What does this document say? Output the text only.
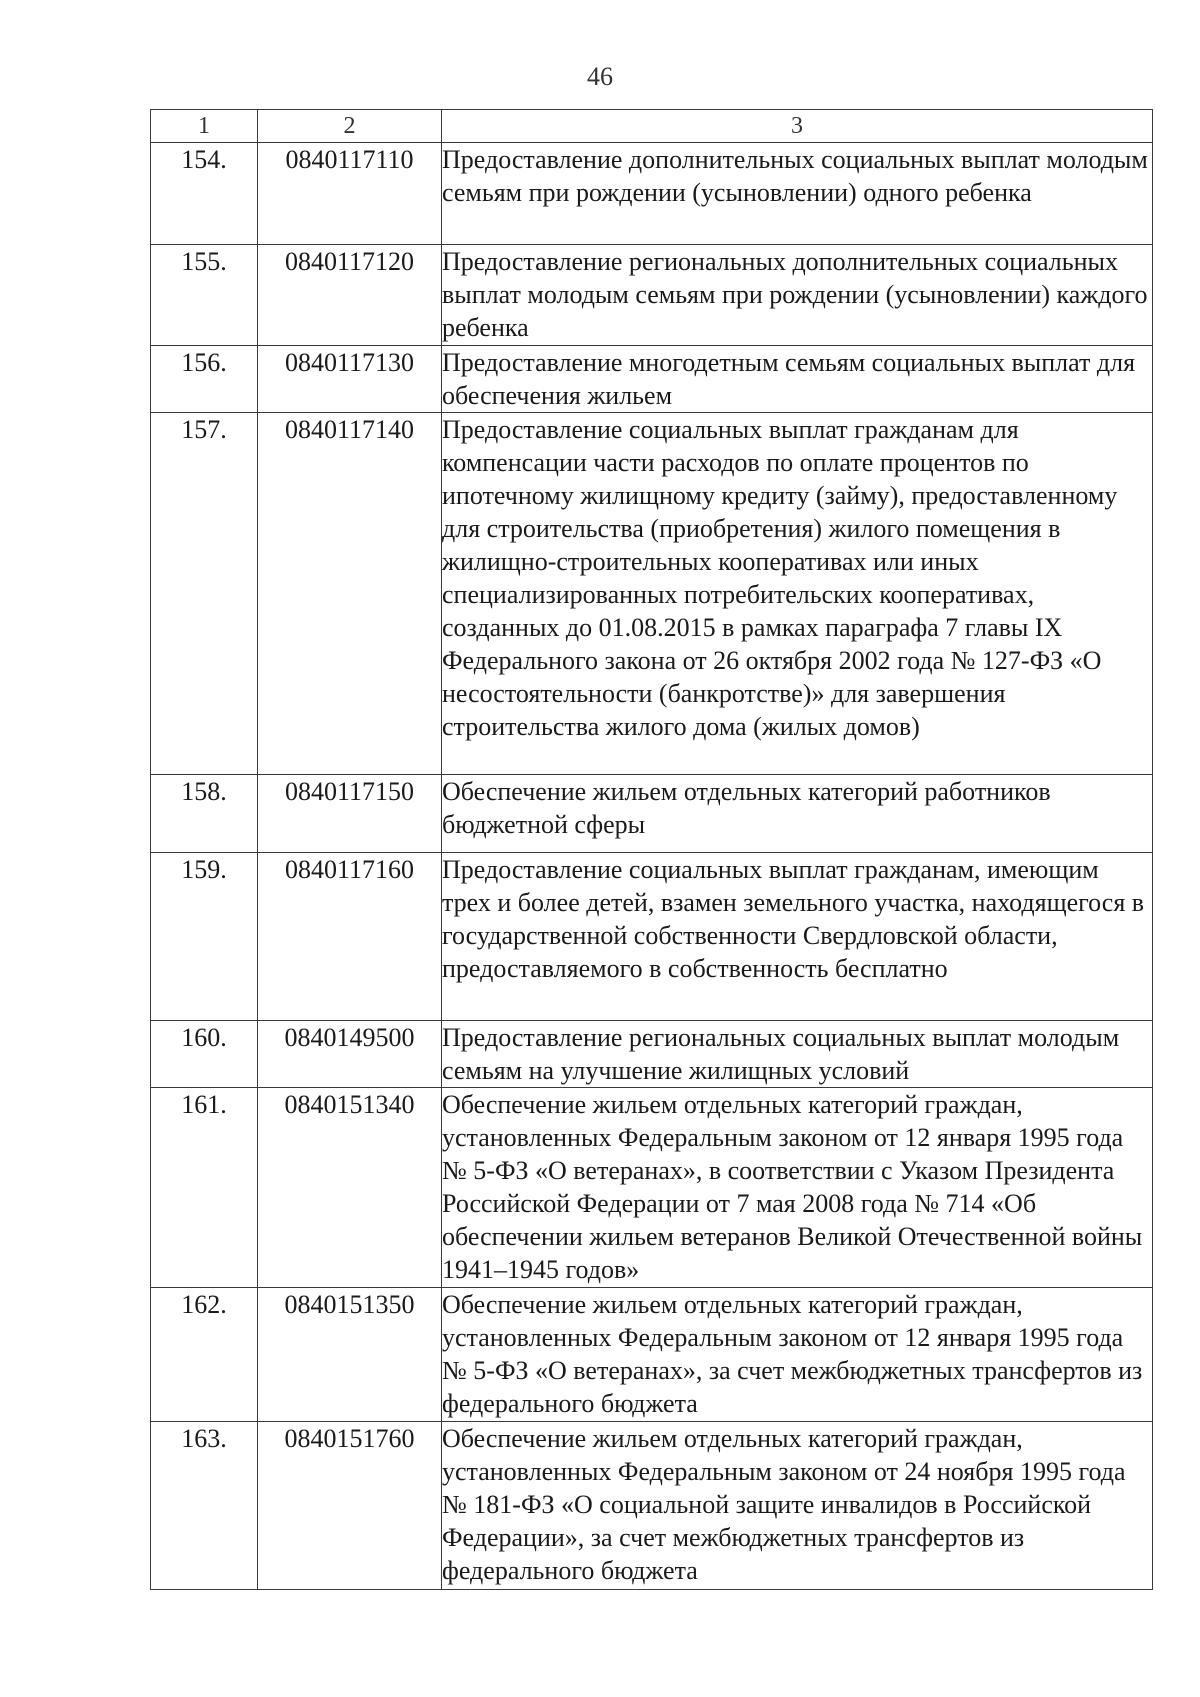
46
1	2	3
154.	0840117110	Предоставление дополнительных социальных выплат молодым семьям при рождении (усыновлении) одного ребенка
155.	0840117120	Предоставление региональных дополнительных социальных выплат молодым семьям при рождении (усыновлении) каждого ребенка
156.	0840117130	Предоставление многодетным семьям социальных выплат для обеспечения жильем
157.	0840117140	Предоставление социальных выплат гражданам для компенсации части расходов по оплате процентов по ипотечному жилищному кредиту (займу), предоставленному для строительства (приобретения) жилого помещения в жилищно-строительных кооперативах или иных специализированных потребительских кооперативах, созданных до 01.08.2015 в рамках параграфа 7 главы IX Федерального закона от 26 октября 2002 года № 127-ФЗ «О несостоятельности (банкротстве)» для завершения строительства жилого дома (жилых домов)
158.	0840117150	Обеспечение жильем отдельных категорий работников бюджетной сферы
159.	0840117160	Предоставление социальных выплат гражданам, имеющим трех и более детей, взамен земельного участка, находящегося в государственной собственности Свердловской области, предоставляемого в собственность бесплатно
160.	0840149500	Предоставление региональных социальных выплат молодым семьям на улучшение жилищных условий
161.	0840151340	Обеспечение жильем отдельных категорий граждан, установленных Федеральным законом от 12 января 1995 года № 5-ФЗ «О ветеранах», в соответствии с Указом Президента Российской Федерации от 7 мая 2008 года № 714 «Об обеспечении жильем ветеранов Великой Отечественной войны 1941–1945 годов»
162.	0840151350	Обеспечение жильем отдельных категорий граждан, установленных Федеральным законом от 12 января 1995 года № 5-ФЗ «О ветеранах», за счет межбюджетных трансфертов из федерального бюджета
163.	0840151760	Обеспечение жильем отдельных категорий граждан, установленных Федеральным законом от 24 ноября 1995 года № 181-ФЗ «О социальной защите инвалидов в Российской Федерации», за счет межбюджетных трансфертов из федерального бюджета
